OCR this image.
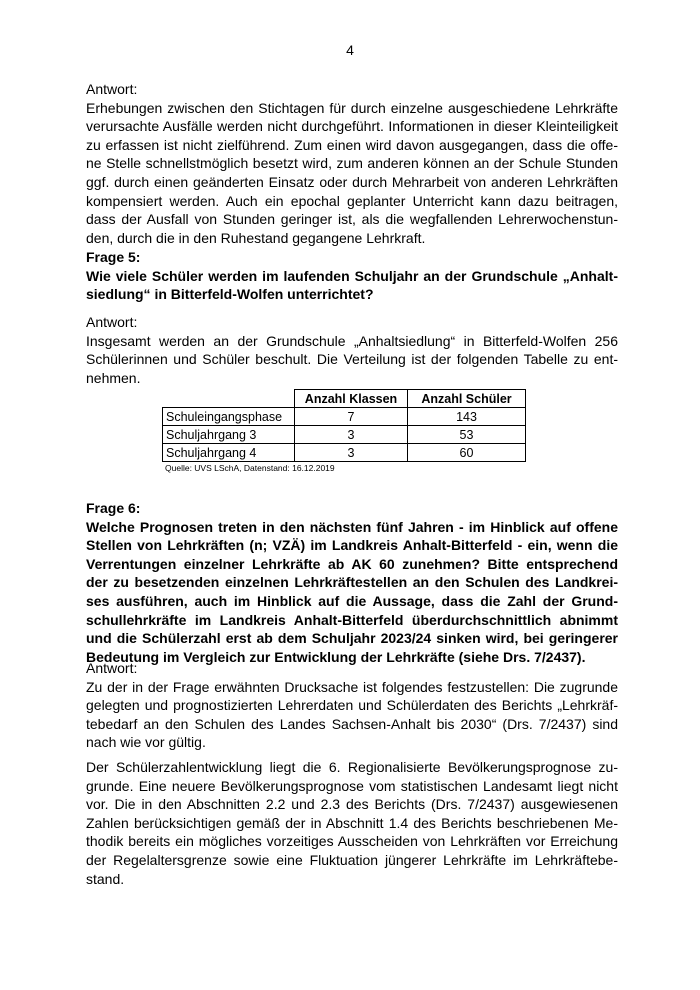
4

Antwort:

Erhebungen zwischen den Stichtagen für durch einzelne ausgeschiedene Lehrkräfte
verursachte Ausfälle werden nicht durchgeführt. Informationen in dieser Kleinteiligkeit
zu erfassen ist nicht zielführend. Zum einen wird davon ausgegangen, dass die offe-
ne Stelle schnellstmöglich besetzt wird, zum anderen können an der Schule Stunden
ggf. durch einen geänderten Einsatz oder durch Mehrarbeit von anderen Lehrkräften
kompensiert werden. Auch ein epochal geplanter Unterricht kann dazu beitragen,
dass der Ausfall von Stunden geringer ist, als die wegfallenden Lehrerwochenstun-
den, durch die in den Ruhestand gegangene Lehrkraft.

Frage 5:

Wie viele Schüler werden im laufenden Schuljahr an der Grundschule „Anhalt-
siedlung“ in Bitterfeld-Wolfen unterrichtet?

Antwort:

Insgesamt werden an der Grundschule „Anhaltsiedlung“ in Bitterfeld-Wolfen 256
Schülerinnen und Schüler beschult. Die Verteilung ist der folgenden Tabelle zu ent-
nehmen.

	Anzahl Klassen	Anzahl Schüler
Schuleingangsphase	7	143
Schuljahrgang 3	3	53
Schuljahrgang 4	3	60
Quelle: UVS LSchA, Datenstand: 16.12.2019

Frage 6:

Welche Prognosen treten in den nächsten fünf Jahren - im Hinblick auf offene
Stellen von Lehrkräften (n; VZÄ) im Landkreis Anhalt-Bitterfeld - ein, wenn die
Verrentungen einzelner Lehrkräfte ab AK 60 zunehmen? Bitte entsprechend
der zu besetzenden einzelnen Lehrkräftestellen an den Schulen des Landkrei-
ses ausführen, auch im Hinblick auf die Aussage, dass die Zahl der Grund-
schullehrkräfte im Landkreis Anhalt-Bitterfeld überdurchschnittlich abnimmt
und die Schülerzahl erst ab dem Schuljahr 2023/24 sinken wird, bei geringerer
Bedeutung im Vergleich zur Entwicklung der Lehrkräfte (siehe Drs. 7/2437).

Antwort:

Zu der in der Frage erwähnten Drucksache ist folgendes festzustellen: Die zugrunde
gelegten und prognostizierten Lehrerdaten und Schülerdaten des Berichts „Lehrkräf-
tebedarf an den Schulen des Landes Sachsen-Anhalt bis 2030“ (Drs. 7/2437) sind
nach wie vor gültig.

Der Schülerzahlentwicklung liegt die 6. Regionalisierte Bevölkerungsprognose zu-
grunde. Eine neuere Bevölkerungsprognose vom statistischen Landesamt liegt nicht
vor. Die in den Abschnitten 2.2 und 2.3 des Berichts (Drs. 7/2437) ausgewiesenen
Zahlen berücksichtigen gemäß der in Abschnitt 1.4 des Berichts beschriebenen Me-
thodik bereits ein mögliches vorzeitiges Ausscheiden von Lehrkräften vor Erreichung
der Regelaltersgrenze sowie eine Fluktuation jüngerer Lehrkräfte im Lehrkräftebe-
stand.
